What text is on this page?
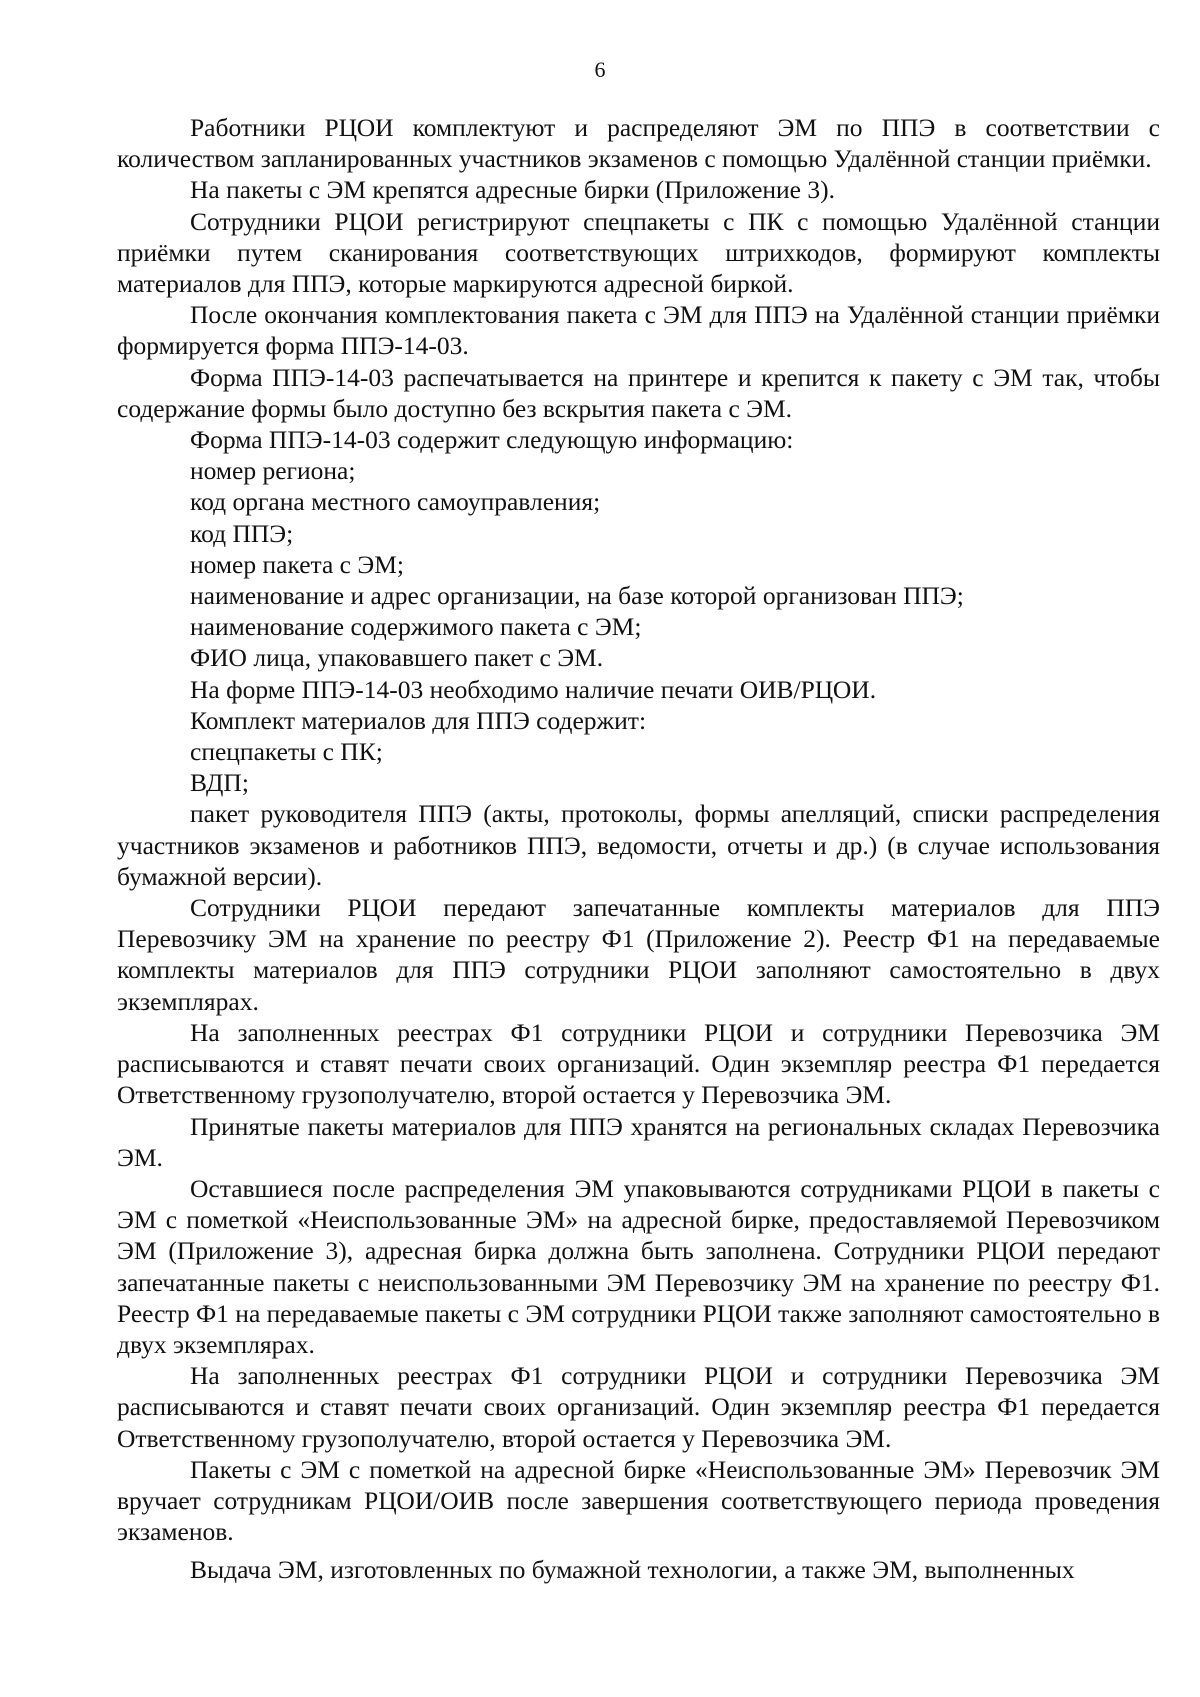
6

Работники РЦОИ комплектуют и распределяют ЭМ по ППЭ в соответствии с количеством запланированных участников экзаменов с помощью Удалённой станции приёмки.

На пакеты с ЭМ крепятся адресные бирки (Приложение 3).

Сотрудники РЦОИ регистрируют спецпакеты с ПК с помощью Удалённой станции приёмки путем сканирования соответствующих штрихкодов, формируют комплекты материалов для ППЭ, которые маркируются адресной биркой.

После окончания комплектования пакета с ЭМ для ППЭ на Удалённой станции приёмки формируется форма ППЭ-14-03.

Форма ППЭ-14-03 распечатывается на принтере и крепится к пакету с ЭМ так, чтобы содержание формы было доступно без вскрытия пакета с ЭМ.

Форма ППЭ-14-03 содержит следующую информацию:

номер региона;

код органа местного самоуправления;

код ППЭ;

номер пакета с ЭМ;

наименование и адрес организации, на базе которой организован ППЭ;

наименование содержимого пакета с ЭМ;

ФИО лица, упаковавшего пакет с ЭМ.

На форме ППЭ-14-03 необходимо наличие печати ОИВ/РЦОИ.

Комплект материалов для ППЭ содержит:

спецпакеты с ПК;

ВДП;

пакет руководителя ППЭ (акты, протоколы, формы апелляций, списки распределения участников экзаменов и работников ППЭ, ведомости, отчеты и др.) (в случае использования бумажной версии).

Сотрудники РЦОИ передают запечатанные комплекты материалов для ППЭ Перевозчику ЭМ на хранение по реестру Ф1 (Приложение 2). Реестр Ф1 на передаваемые комплекты материалов для ППЭ сотрудники РЦОИ заполняют самостоятельно в двух экземплярах.

На заполненных реестрах Ф1 сотрудники РЦОИ и сотрудники Перевозчика ЭМ расписываются и ставят печати своих организаций. Один экземпляр реестра Ф1 передается Ответственному грузополучателю, второй остается у Перевозчика ЭМ.

Принятые пакеты материалов для ППЭ хранятся на региональных складах Перевозчика ЭМ.

Оставшиеся после распределения ЭМ упаковываются сотрудниками РЦОИ в пакеты с ЭМ с пометкой «Неиспользованные ЭМ» на адресной бирке, предоставляемой Перевозчиком ЭМ (Приложение 3), адресная бирка должна быть заполнена. Сотрудники РЦОИ передают запечатанные пакеты с неиспользованными ЭМ Перевозчику ЭМ на хранение по реестру Ф1. Реестр Ф1 на передаваемые пакеты с ЭМ сотрудники РЦОИ также заполняют самостоятельно в двух экземплярах.

На заполненных реестрах Ф1 сотрудники РЦОИ и сотрудники Перевозчика ЭМ расписываются и ставят печати своих организаций. Один экземпляр реестра Ф1 передается Ответственному грузополучателю, второй остается у Перевозчика ЭМ.

Пакеты с ЭМ с пометкой на адресной бирке «Неиспользованные ЭМ» Перевозчик ЭМ вручает сотрудникам РЦОИ/ОИВ после завершения соответствующего периода проведения экзаменов.

Выдача ЭМ, изготовленных по бумажной технологии, а также ЭМ, выполненных
